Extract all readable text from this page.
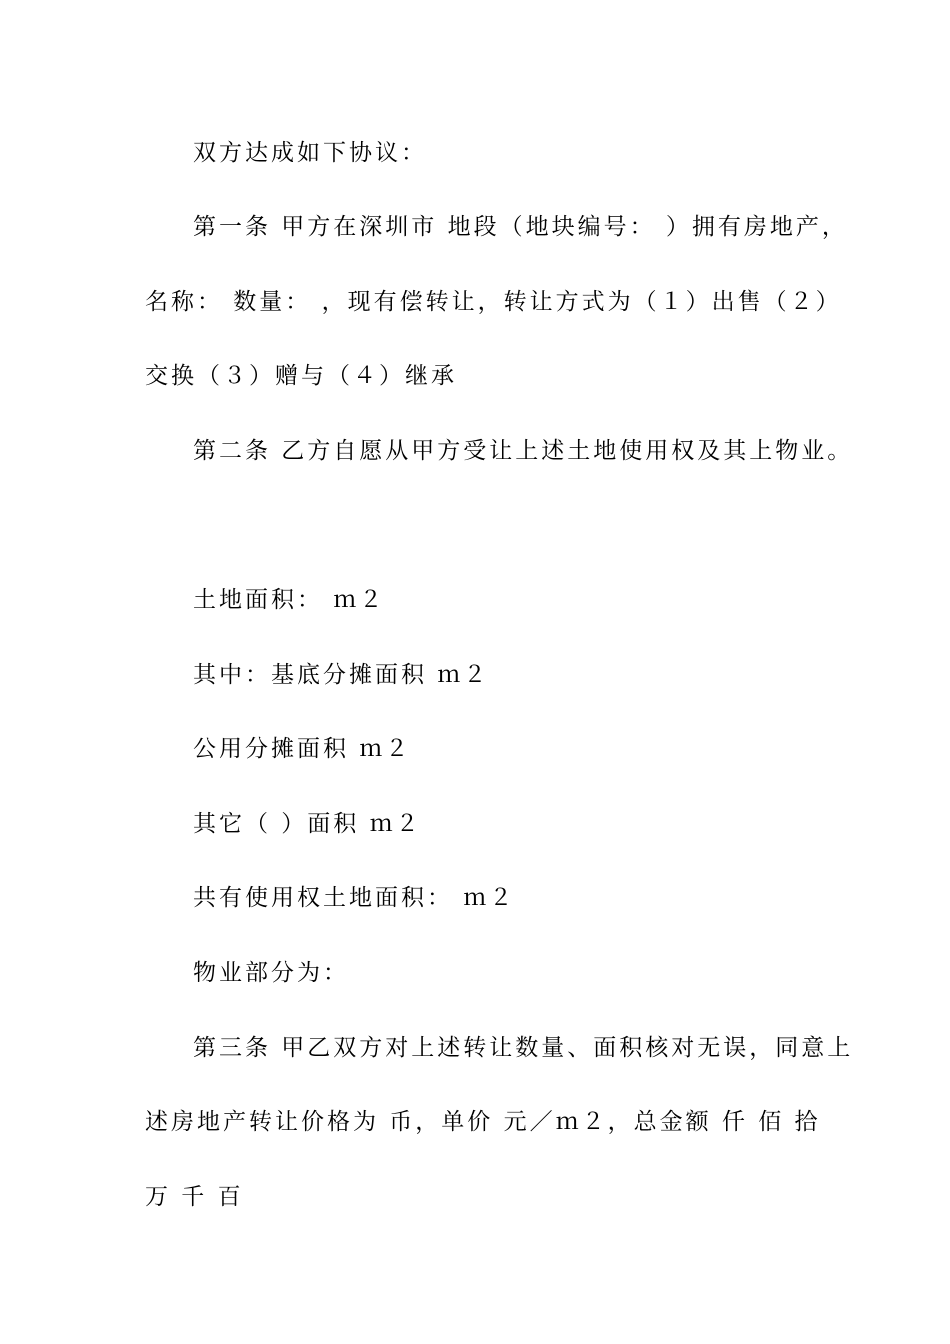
双方达成如下协议：
第一条 甲方在深圳市 地段（地块编号： ）拥有房地产，
名称： 数量： ，现有偿转让，转让方式为（１）出售（２）
交换（３）赠与（４）继承
第二条 乙方自愿从甲方受让上述土地使用权及其上物业。
土地面积： ｍ２
其中：基底分摊面积 ｍ２
公用分摊面积 ｍ２
其它（ ）面积 ｍ２
共有使用权土地面积： ｍ２
物业部分为：
第三条 甲乙双方对上述转让数量、面积核对无误，同意上
述房地产转让价格为 币，单价 元／ｍ２，总金额 仟 佰 拾
万 千 百
